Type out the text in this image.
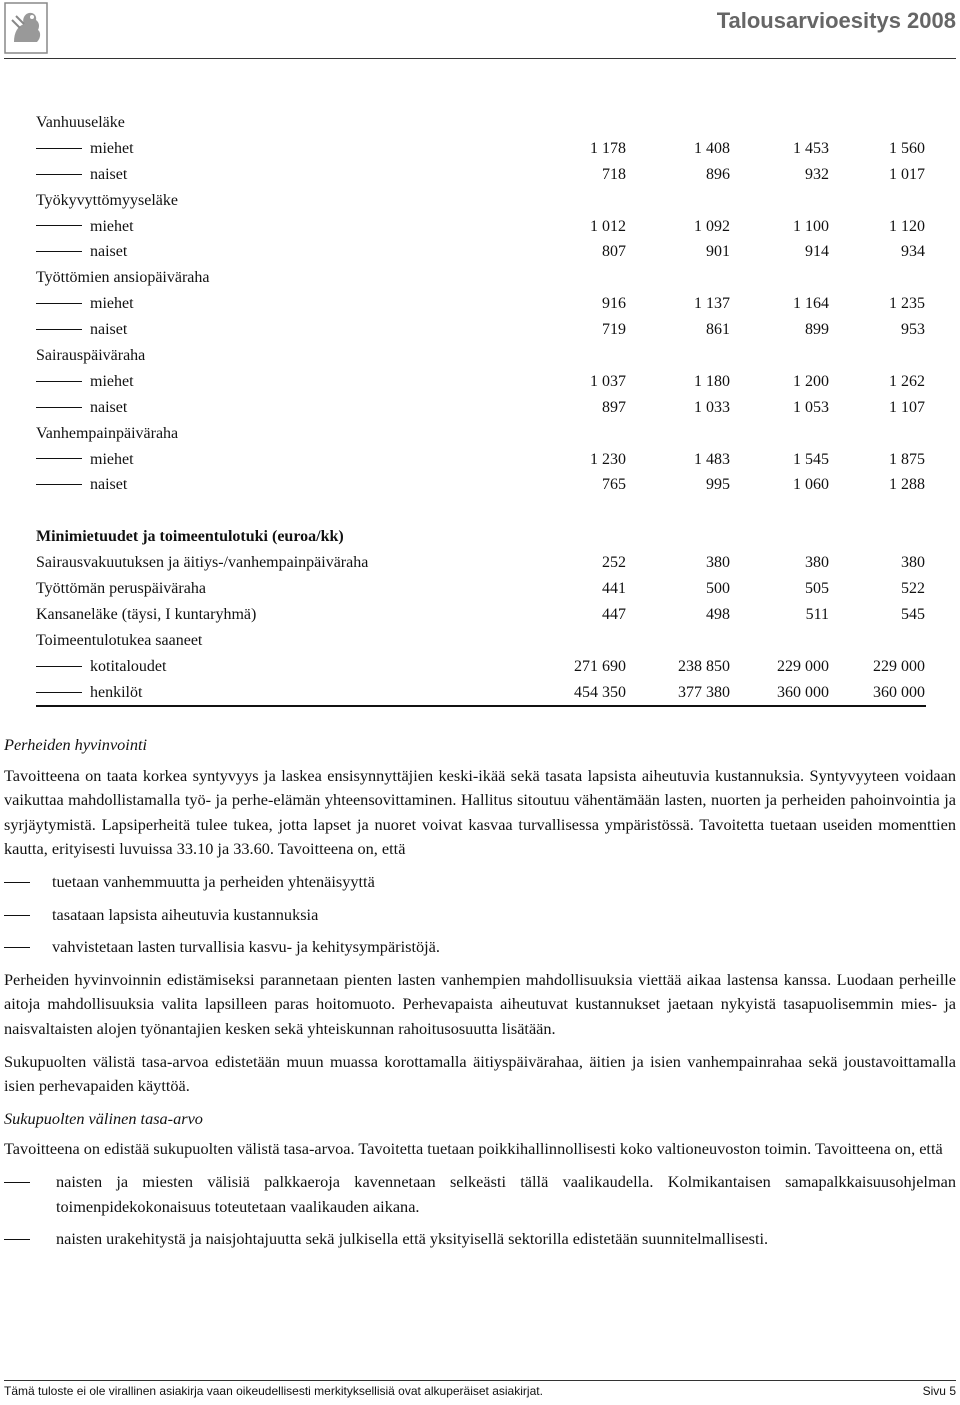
Talousarvioesitys 2008
Vanhuuseläke
miehet	1 178	1 408	1 453	1 560
naiset	718	896	932	1 017
Työkyvyttömyyseläke
miehet	1 012	1 092	1 100	1 120
naiset	807	901	914	934
Työttömien ansiopäiväraha
miehet	916	1 137	1 164	1 235
naiset	719	861	899	953
Sairauspäiväraha
miehet	1 037	1 180	1 200	1 262
naiset	897	1 033	1 053	1 107
Vanhempainpäiväraha
miehet	1 230	1 483	1 545	1 875
naiset	765	995	1 060	1 288
Minimietuudet ja toimeentulotuki (euroa/kk)
Sairausvakuutuksen ja äitiys-/vanhempainpäiväraha	252	380	380	380
Työttömän peruspäiväraha	441	500	505	522
Kansaneläke (täysi, I kuntaryhmä)	447	498	511	545
Toimeentulotukea saaneet
kotitaloudet	271 690	238 850	229 000	229 000
henkilöt	454 350	377 380	360 000	360 000

Perheiden hyvinvointi

Tavoitteena on taata korkea syntyvyys ja laskea ensisynnyttäjien keski-ikää sekä tasata lapsista aiheutuvia kustannuksia. Syntyvyyteen voidaan vaikuttaa mahdollistamalla työ- ja perhe-elämän yhteensovittaminen. Hallitus sitoutuu vähentämään lasten, nuorten ja perheiden pahoinvointia ja syrjäytymistä. Lapsiperheitä tulee tukea, jotta lapset ja nuoret voivat kasvaa turvallisessa ympäristössä. Tavoitetta tuetaan useiden momenttien kautta, erityisesti luvuissa 33.10 ja 33.60. Tavoitteena on, että

tuetaan vanhemmuutta ja perheiden yhtenäisyyttä
tasataan lapsista aiheutuvia kustannuksia
vahvistetaan lasten turvallisia kasvu- ja kehitysympäristöjä.

Perheiden hyvinvoinnin edistämiseksi parannetaan pienten lasten vanhempien mahdollisuuksia viettää aikaa lastensa kanssa. Luodaan perheille aitoja mahdollisuuksia valita lapsilleen paras hoitomuoto. Perhevapaista aiheutuvat kustannukset jaetaan nykyistä tasapuolisemmin mies- ja naisvaltaisten alojen työnantajien kesken sekä yhteiskunnan rahoitusosuutta lisätään.

Sukupuolten välistä tasa-arvoa edistetään muun muassa korottamalla äitiyspäivärahaa, äitien ja isien vanhempainrahaa sekä joustavoittamalla isien perhevapaiden käyttöä.

Sukupuolten välinen tasa-arvo

Tavoitteena on edistää sukupuolten välistä tasa-arvoa. Tavoitetta tuetaan poikkihallinnollisesti koko valtioneuvoston toimin. Tavoitteena on, että

naisten ja miesten välisiä palkkaeroja kavennetaan selkeästi tällä vaalikaudella. Kolmikantaisen samapalkkaisuusohjelman toimenpidekokonaisuus toteutetaan vaalikauden aikana.
naisten urakehitystä ja naisjohtajuutta sekä julkisella että yksityisellä sektorilla edistetään suunnitelmallisesti.
Tämä tuloste ei ole virallinen asiakirja vaan oikeudellisesti merkityksellisiä ovat alkuperäiset asiakirjat.	Sivu 5
